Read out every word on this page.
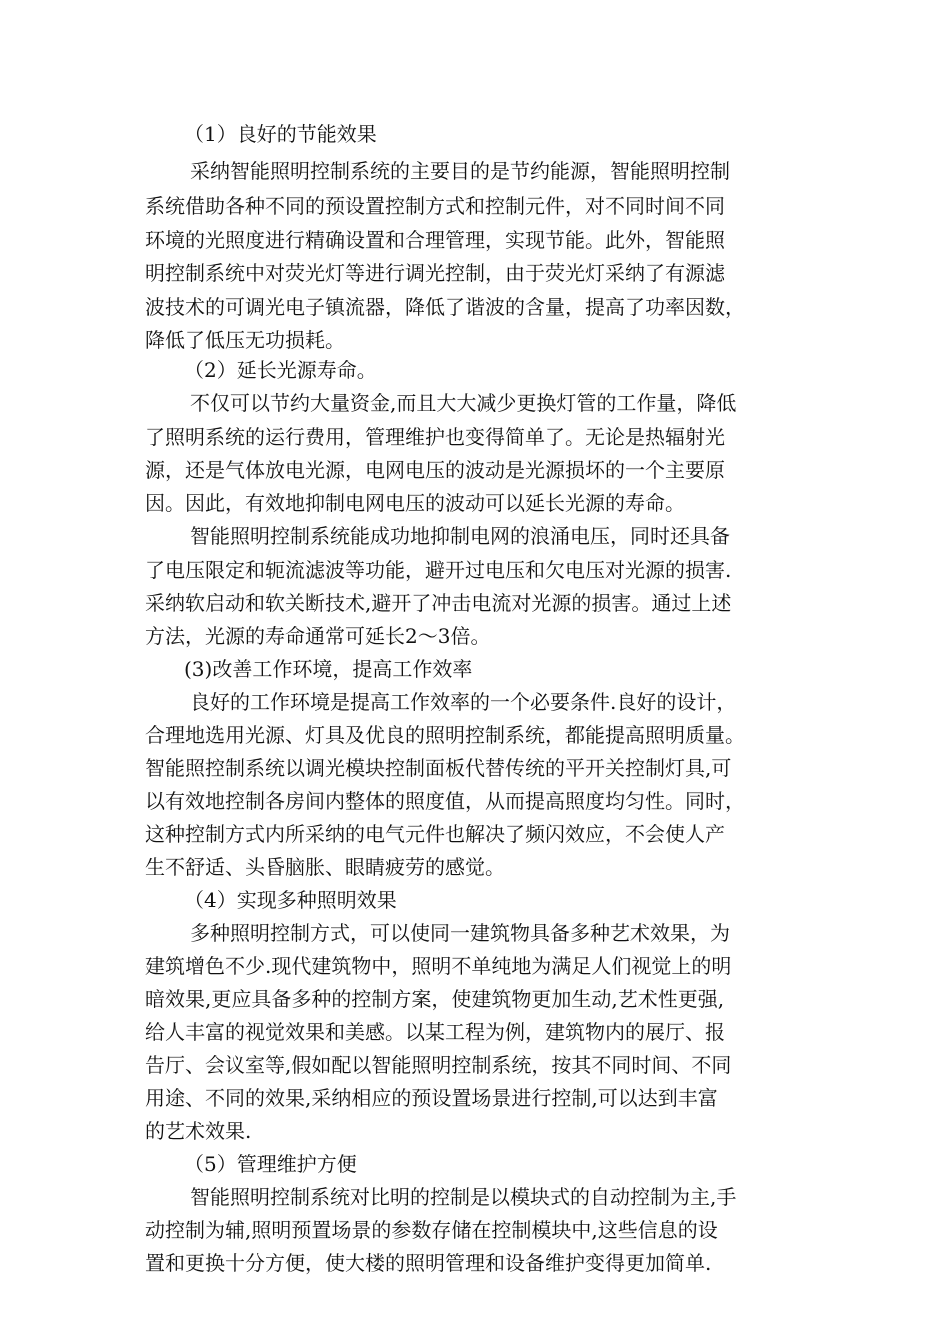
（1）良好的节能效果
采纳智能照明控制系统的主要目的是节约能源，智能照明控制
系统借助各种不同的预设置控制方式和控制元件，对不同时间不同
环境的光照度进行精确设置和合理管理，实现节能。此外，智能照
明控制系统中对荧光灯等进行调光控制，由于荧光灯采纳了有源滤
波技术的可调光电子镇流器，降低了谐波的含量，提高了功率因数，
降低了低压无功损耗。
（2）延长光源寿命。
不仅可以节约大量资金,而且大大减少更换灯管的工作量，降低
了照明系统的运行费用，管理维护也变得简单了。无论是热辐射光
源，还是气体放电光源，电网电压的波动是光源损坏的一个主要原
因。因此，有效地抑制电网电压的波动可以延长光源的寿命。
智能照明控制系统能成功地抑制电网的浪涌电压，同时还具备
了电压限定和轭流滤波等功能，避开过电压和欠电压对光源的损害.
采纳软启动和软关断技术,避开了冲击电流对光源的损害。通过上述
方法，光源的寿命通常可延长2～3倍。
(3)改善工作环境，提高工作效率
良好的工作环境是提高工作效率的一个必要条件.良好的设计，
合理地选用光源、灯具及优良的照明控制系统，都能提高照明质量。
智能照控制系统以调光模块控制面板代替传统的平开关控制灯具,可
以有效地控制各房间内整体的照度值，从而提高照度均匀性。同时，
这种控制方式内所采纳的电气元件也解决了频闪效应，不会使人产
生不舒适、头昏脑胀、眼睛疲劳的感觉。
（4）实现多种照明效果
多种照明控制方式，可以使同一建筑物具备多种艺术效果，为
建筑增色不少.现代建筑物中，照明不单纯地为满足人们视觉上的明
暗效果,更应具备多种的控制方案，使建筑物更加生动,艺术性更强,
给人丰富的视觉效果和美感。以某工程为例，建筑物内的展厅、报
告厅、会议室等,假如配以智能照明控制系统，按其不同时间、不同
用途、不同的效果,采纳相应的预设置场景进行控制,可以达到丰富
的艺术效果.
（5）管理维护方便
智能照明控制系统对比明的控制是以模块式的自动控制为主,手
动控制为辅,照明预置场景的参数存储在控制模块中,这些信息的设
置和更换十分方便，使大楼的照明管理和设备维护变得更加简单.
